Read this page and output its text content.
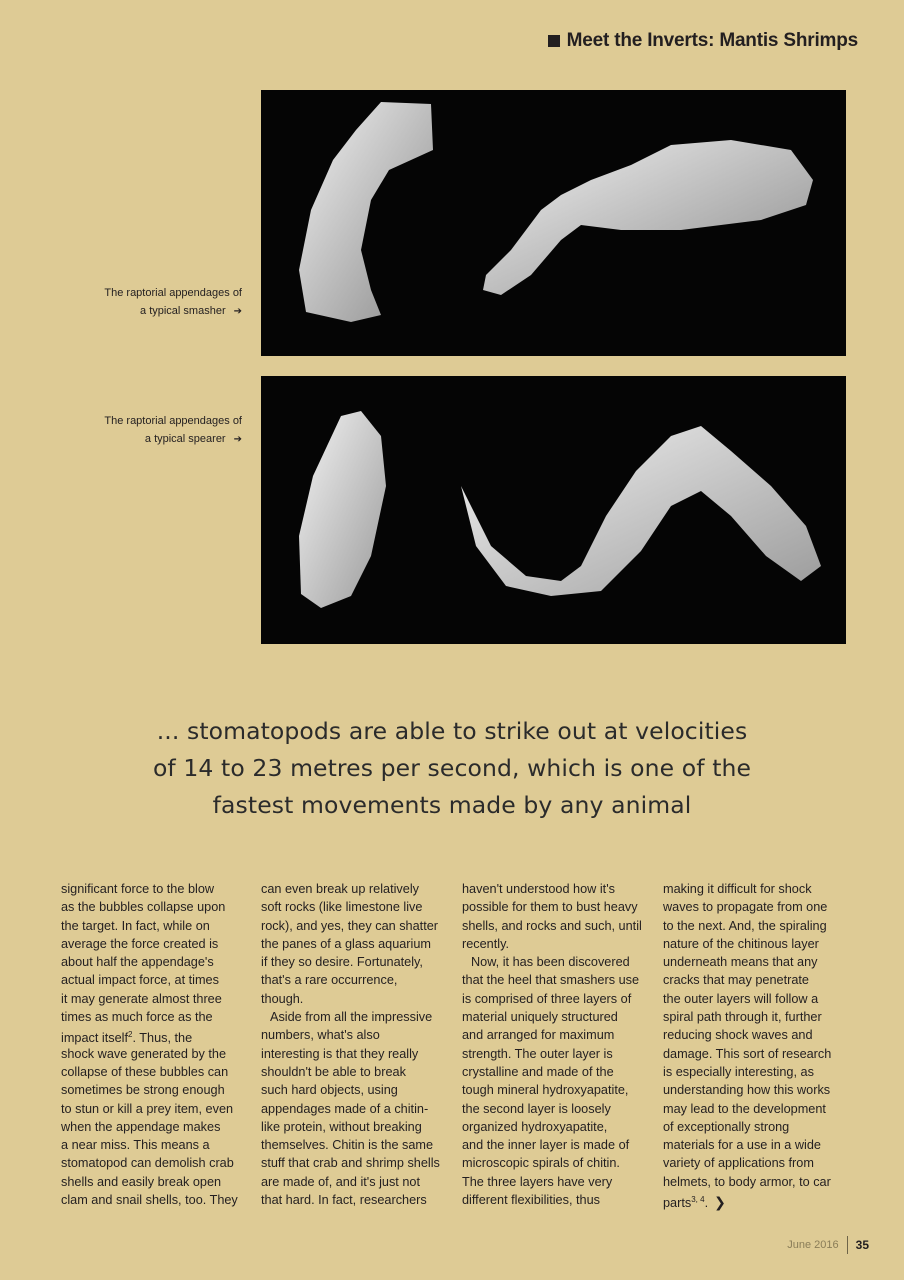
Meet the Inverts: Mantis Shrimps
The raptorial appendages of
a typical smasher ➔
The raptorial appendages of
a typical spearer ➔
... stomatopods are able to strike out at velocities
of 14 to 23 metres per second, which is one of the
fastest movements made by any animal
significant force to the blow
as the bubbles collapse upon
the target. In fact, while on
average the force created is
about half the appendage's
actual impact force, at times
it may generate almost three
times as much force as the
impact itself$^2$. Thus, the
shock wave generated by the
collapse of these bubbles can
sometimes be strong enough
to stun or kill a prey item, even
when the appendage makes
a near miss. This means a
stomatopod can demolish crab
shells and easily break open
clam and snail shells, too. They
can even break up relatively
soft rocks (like limestone live
rock), and yes, they can shatter
the panes of a glass aquarium
if they so desire. Fortunately,
that's a rare occurrence,
though.
Aside from all the impressive
numbers, what's also
interesting is that they really
shouldn't be able to break
such hard objects, using
appendages made of a chitin-
like protein, without breaking
themselves. Chitin is the same
stuff that crab and shrimp shells
are made of, and it's just not
that hard. In fact, researchers
haven't understood how it's
possible for them to bust heavy
shells, and rocks and such, until
recently.
Now, it has been discovered
that the heel that smashers use
is comprised of three layers of
material uniquely structured
and arranged for maximum
strength. The outer layer is
crystalline and made of the
tough mineral hydroxyapatite,
the second layer is loosely
organized hydroxyapatite,
and the inner layer is made of
microscopic spirals of chitin.
The three layers have very
different flexibilities, thus
making it difficult for shock
waves to propagate from one
to the next. And, the spiraling
nature of the chitinous layer
underneath means that any
cracks that may penetrate
the outer layers will follow a
spiral path through it, further
reducing shock waves and
damage. This sort of research
is especially interesting, as
understanding how this works
may lead to the development
of exceptionally strong
materials for a use in a wide
variety of applications from
helmets, to body armor, to car
parts$^{3, 4}$. ❯
June 2016 35
